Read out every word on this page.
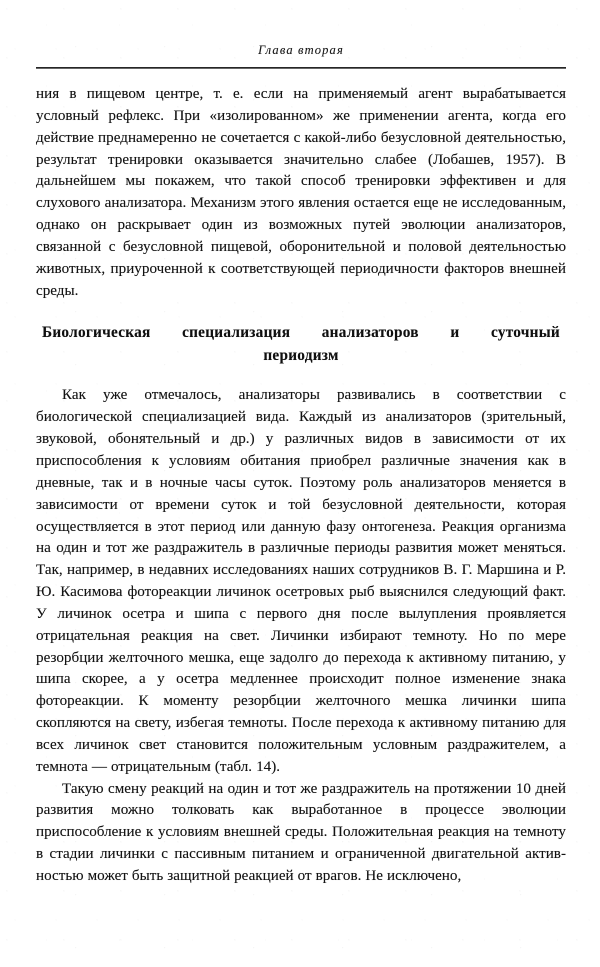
Глава вторая

ния в пищевом центре, т. е. если на применяемый агент вырабатывается условный рефлекс. При «изолированном» же применении агента, когда его действие преднамеренно не сочетается с какой-либо безусловной деятельностью, результат тренировки оказывается значительно слабее (Лобашев, 1957). В дальнейшем мы покажем, что такой способ тренировки эффективен и для слухового анализатора. Механизм этого явления остается еще не исследованным, однако он раскрывает один из возможных путей эволюции анализаторов, связанной с безусловной пищевой, оборонительной и половой деятельностью животных, приуроченной к соответствующей периодичности факторов внешней среды.

Биологическая специализация анализаторов и суточный
периодизм

Как уже отмечалось, анализаторы развивались в соответствии с биологической специализацией вида. Каждый из анализаторов (зрительный, звуковой, обонятельный и др.) у различных видов в зависимости от их приспособления к условиям обитания приобрел различные значения как в дневные, так и в ночные часы суток. Поэтому роль анализаторов меняется в зависимости от времени суток и той безусловной деятельности, которая осуществляется в этот период или данную фазу онтогенеза. Реакция организма на один и тот же раздражитель в различные периоды развития может меняться. Так, например, в недавних исследованиях наших сотрудников В. Г. Маршина и Р. Ю. Касимова фотореакции личинок осетровых рыб выяснился следующий факт. У личинок осетра и шипа с первого дня после вылупления проявляется отрицательная реакция на свет. Личинки избирают темноту. Но по мере резорбции желточного мешка, еще задолго до перехода к активному питанию, у шипа скорее, а у осетра медленнее происходит полное изменение знака фотореакции. К моменту резорбции желточного мешка личинки шипа скопляются на свету, избегая темноты. После перехода к активному питанию для всех личинок свет становится положительным условным раздражителем, а темнота — отрицательным (табл. 14).

Такую смену реакций на один и тот же раздражитель на протяжении 10 дней развития можно толковать как выработанное в процессе эволюции приспособление к условиям внешней среды. Положительная реакция на темноту в стадии личинки с пассивным питанием и ограниченной двигательной активностью может быть защитной реакцией от врагов. Не исключено,
